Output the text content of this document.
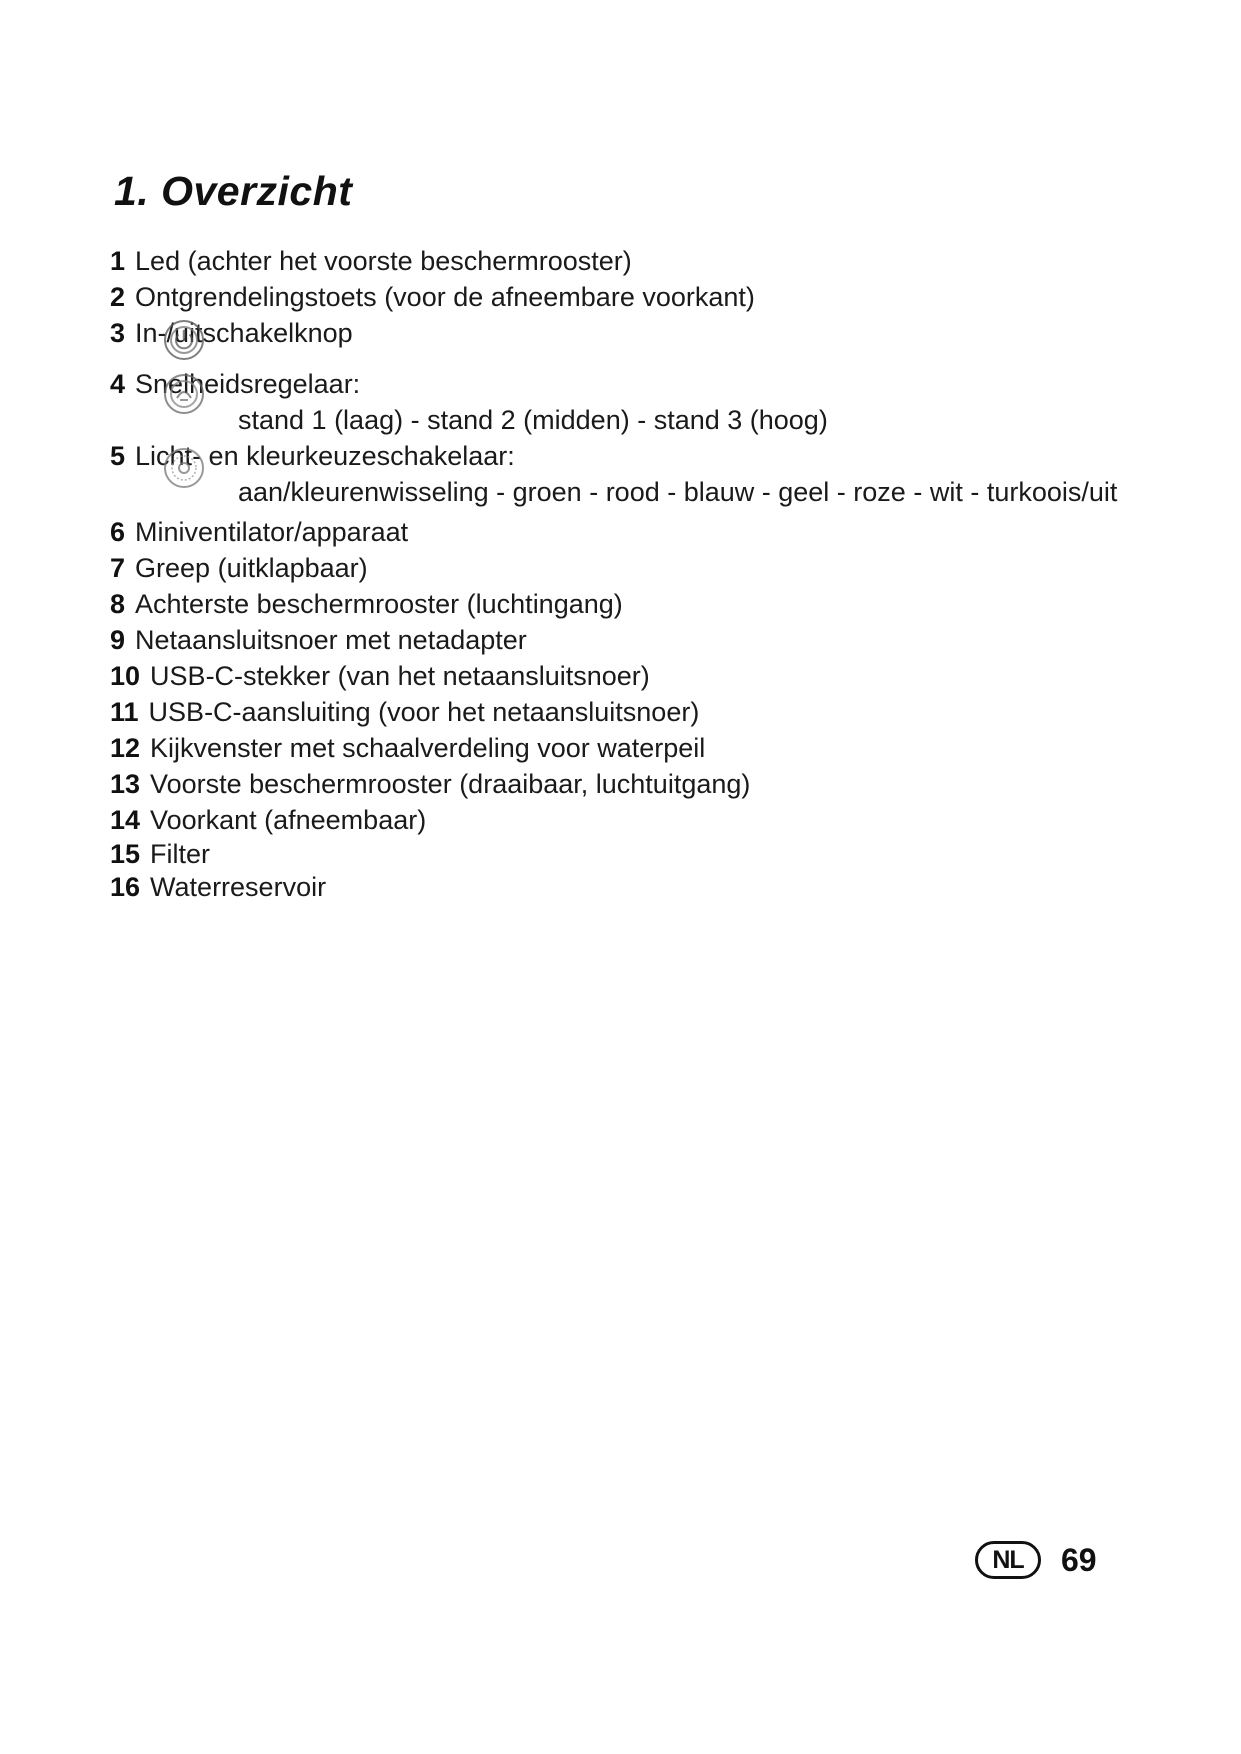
1. Overzicht
1 Led (achter het voorste beschermrooster)
2 Ontgrendelingstoets (voor de afneembare voorkant)
3 In-/uitschakelknop
4 Snelheidsregelaar:
stand 1 (laag) - stand 2 (midden) - stand 3 (hoog)
5 Licht- en kleurkeuzeschakelaar:
aan/kleurenwisseling - groen - rood - blauw - geel - roze - wit - turkoois/uit
6 Miniventilator/apparaat
7 Greep (uitklapbaar)
8 Achterste beschermrooster (luchtingang)
9 Netaansluitsnoer met netadapter
10 USB-C-stekker (van het netaansluitsnoer)
11 USB-C-aansluiting (voor het netaansluitsnoer)
12 Kijkvenster met schaalverdeling voor waterpeil
13 Voorste beschermrooster (draaibaar, luchtuitgang)
14 Voorkant (afneembaar)
15 Filter
16 Waterreservoir
NL	69
